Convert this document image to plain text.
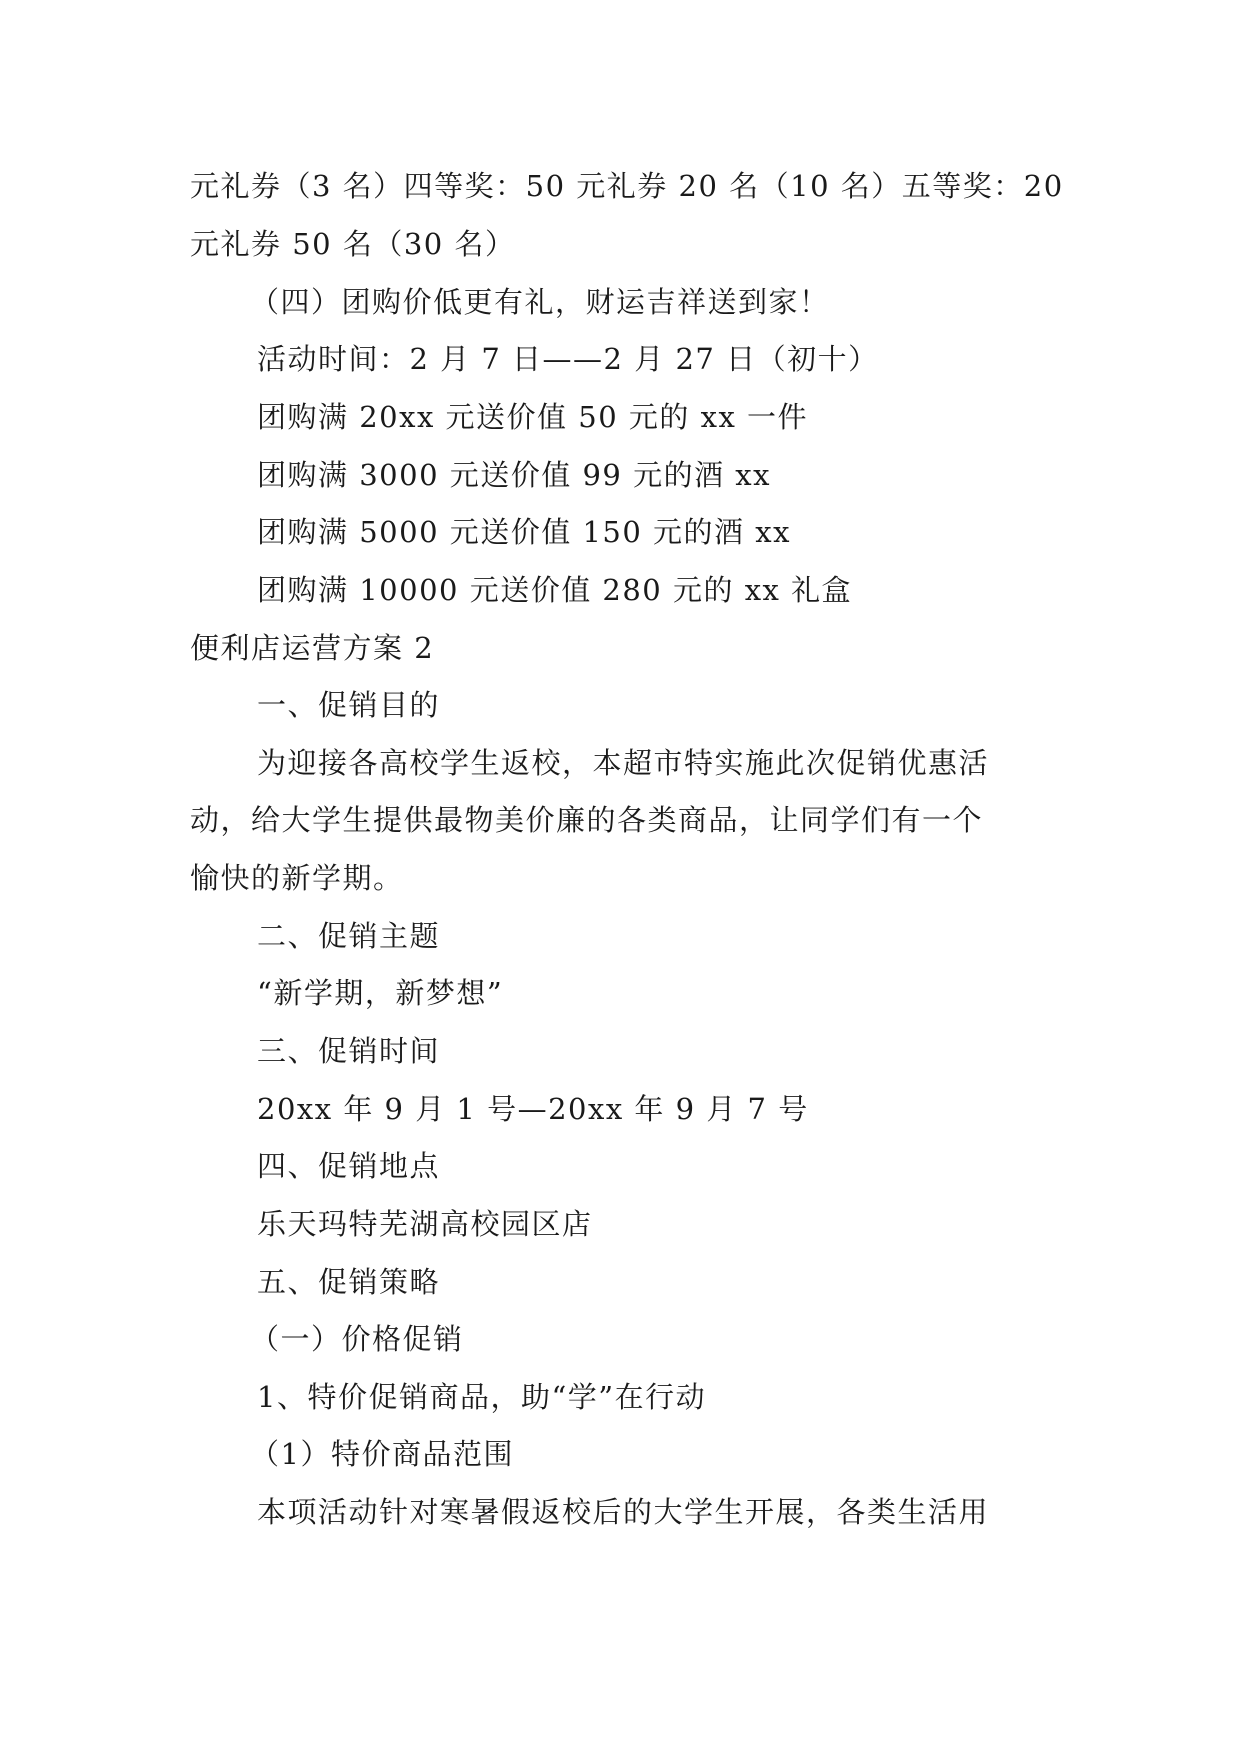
元礼券（3 名）四等奖：50 元礼券 20 名（10 名）五等奖：20
元礼券 50 名（30 名）
（四）团购价低更有礼，财运吉祥送到家！
活动时间：2 月 7 日——2 月 27 日（初十）
团购满 20xx 元送价值 50 元的 xx 一件
团购满 3000 元送价值 99 元的酒 xx
团购满 5000 元送价值 150 元的酒 xx
团购满 10000 元送价值 280 元的 xx 礼盒
便利店运营方案 2
一、促销目的
为迎接各高校学生返校，本超市特实施此次促销优惠活
动，给大学生提供最物美价廉的各类商品，让同学们有一个
愉快的新学期。
二、促销主题
“新学期，新梦想”
三、促销时间
20xx 年 9 月 1 号—20xx 年 9 月 7 号
四、促销地点
乐天玛特芜湖高校园区店
五、促销策略
（一）价格促销
1、特价促销商品，助“学”在行动
（1）特价商品范围
本项活动针对寒暑假返校后的大学生开展，各类生活用
